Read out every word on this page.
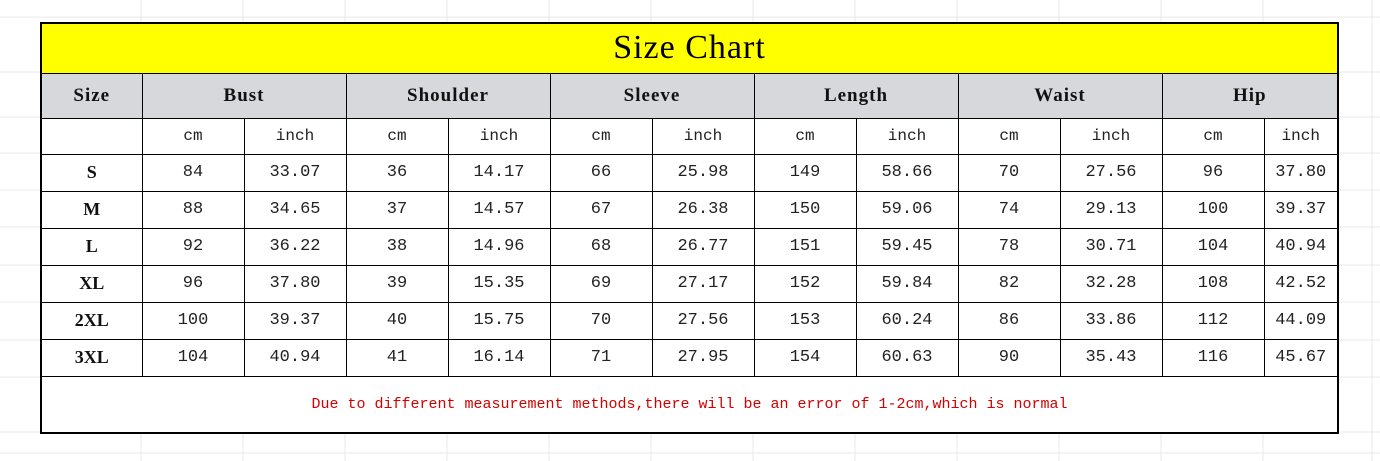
Size Chart												
Size	Bust		Shoulder		Sleeve		Length		Waist		Hip	
	cm	inch	cm	inch	cm	inch	cm	inch	cm	inch	cm	inch
S	84	33.07	36	14.17	66	25.98	149	58.66	70	27.56	96	37.80
M	88	34.65	37	14.57	67	26.38	150	59.06	74	29.13	100	39.37
L	92	36.22	38	14.96	68	26.77	151	59.45	78	30.71	104	40.94
XL	96	37.80	39	15.35	69	27.17	152	59.84	82	32.28	108	42.52
2XL	100	39.37	40	15.75	70	27.56	153	60.24	86	33.86	112	44.09
3XL	104	40.94	41	16.14	71	27.95	154	60.63	90	35.43	116	45.67
Due to different measurement methods,there will be an error of 1-2cm,which is normal												
